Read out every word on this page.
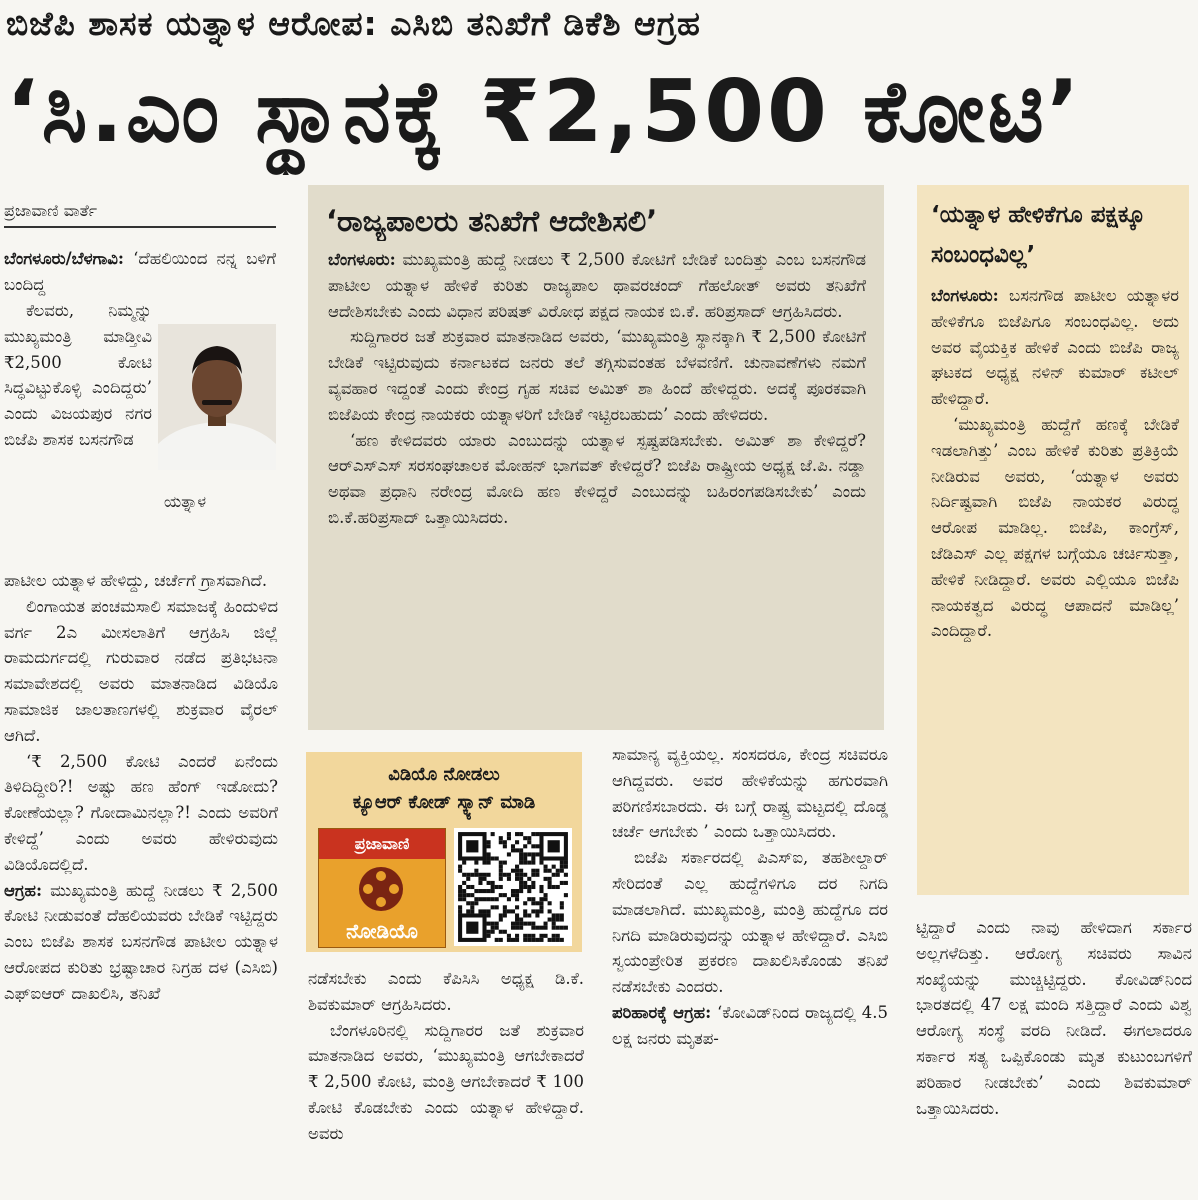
ಬಿಜೆಪಿ ಶಾಸಕ ಯತ್ನಾಳ ಆರೋಪ: ಎಸಿಬಿ ತನಿಖೆಗೆ ಡಿಕೆಶಿ ಆಗ್ರಹ
‘ಸಿ.ಎಂ ಸ್ಥಾನಕ್ಕೆ ₹2,500 ಕೋಟಿ’
ಪ್ರಜಾವಾಣಿ ವಾರ್ತೆ

ಬೆಂಗಳೂರು/ಬೆಳಗಾವಿ: ‘ದೆಹಲಿಯಿಂದ ನನ್ನ ಬಳಿಗೆ ಬಂದಿದ್ದ

ಕೆಲವರು, ನಿಮ್ಮನ್ನು ಮುಖ್ಯಮಂತ್ರಿ ಮಾಡ್ತೀವಿ ₹2,500 ಕೋಟಿ ಸಿದ್ಧವಿಟ್ಟುಕೊಳ್ಳಿ ಎಂದಿದ್ದರು’ ಎಂದು ವಿಜಯಪುರ ನಗರ ಬಿಜೆಪಿ ಶಾಸಕ ಬಸನಗೌಡ

ಯತ್ನಾಳ

ಪಾಟೀಲ ಯತ್ನಾಳ ಹೇಳಿದ್ದು, ಚರ್ಚೆಗೆ ಗ್ರಾಸವಾಗಿದೆ.

ಲಿಂಗಾಯತ ಪಂಚಮಸಾಲಿ ಸಮಾಜಕ್ಕೆ ಹಿಂದುಳಿದ ವರ್ಗ 2ಎ ಮೀಸಲಾತಿಗೆ ಆಗ್ರಹಿಸಿ ಜಿಲ್ಲೆ ರಾಮದುರ್ಗದಲ್ಲಿ ಗುರುವಾರ ನಡೆದ ಪ್ರತಿಭಟನಾ ಸಮಾವೇಶದಲ್ಲಿ ಅವರು ಮಾತನಾಡಿದ ವಿಡಿಯೊ ಸಾಮಾಜಿಕ ಜಾಲತಾಣಗಳಲ್ಲಿ ಶುಕ್ರವಾರ ವೈರಲ್ ಆಗಿದೆ.

‘₹ 2,500 ಕೋಟಿ ಎಂದರೆ ಏನೆಂದು ತಿಳಿದಿದ್ದೀರಿ?! ಅಷ್ಟು ಹಣ ಹೆಂಗ್ ಇಡೋದು? ಕೋಣೆಯಲ್ಲಾ? ಗೋದಾಮಿನಲ್ಲಾ?! ಎಂದು ಅವರಿಗೆ ಕೇಳಿದ್ದೆ’ ಎಂದು ಅವರು ಹೇಳಿರುವುದು ವಿಡಿಯೊದಲ್ಲಿದೆ.

ಆಗ್ರಹ: ಮುಖ್ಯಮಂತ್ರಿ ಹುದ್ದೆ ನೀಡಲು ₹ 2,500 ಕೋಟಿ ನೀಡುವಂತೆ ದೆಹಲಿಯವರು ಬೇಡಿಕೆ ಇಟ್ಟಿದ್ದರು ಎಂಬ ಬಿಜೆಪಿ ಶಾಸಕ ಬಸನಗೌಡ ಪಾಟೀಲ ಯತ್ನಾಳ ಆರೋಪದ ಕುರಿತು ಭ್ರಷ್ಟಾಚಾರ ನಿಗ್ರಹ ದಳ (ಎಸಿಬಿ) ಎಫ್ಐಆರ್ ದಾಖಲಿಸಿ, ತನಿಖೆ

‘ರಾಜ್ಯಪಾಲರು ತನಿಖೆಗೆ ಆದೇಶಿಸಲಿ’

ಬೆಂಗಳೂರು: ಮುಖ್ಯಮಂತ್ರಿ ಹುದ್ದೆ ನೀಡಲು ₹ 2,500 ಕೋಟಿಗೆ ಬೇಡಿಕೆ ಬಂದಿತ್ತು ಎಂಬ ಬಸನಗೌಡ ಪಾಟೀಲ ಯತ್ನಾಳ ಹೇಳಿಕೆ ಕುರಿತು ರಾಜ್ಯಪಾಲ ಥಾವರಚಂದ್ ಗೆಹಲೋತ್ ಅವರು ತನಿಖೆಗೆ ಆದೇಶಿಸಬೇಕು ಎಂದು ವಿಧಾನ ಪರಿಷತ್ ವಿರೋಧ ಪಕ್ಷದ ನಾಯಕ ಬಿ.ಕೆ. ಹರಿಪ್ರಸಾದ್ ಆಗ್ರಹಿಸಿದರು.

ಸುದ್ದಿಗಾರರ ಜತೆ ಶುಕ್ರವಾರ ಮಾತನಾಡಿದ ಅವರು, ‘ಮುಖ್ಯಮಂತ್ರಿ ಸ್ಥಾನಕ್ಕಾಗಿ ₹ 2,500 ಕೋಟಿಗೆ ಬೇಡಿಕೆ ಇಟ್ಟಿರುವುದು ಕರ್ನಾಟಕದ ಜನರು ತಲೆ ತಗ್ಗಿಸುವಂತಹ ಬೆಳವಣಿಗೆ. ಚುನಾವಣೆಗಳು ನಮಗೆ ವ್ಯವಹಾರ ಇದ್ದಂತೆ ಎಂದು ಕೇಂದ್ರ ಗೃಹ ಸಚಿವ ಅಮಿತ್ ಶಾ ಹಿಂದೆ ಹೇಳಿದ್ದರು. ಅದಕ್ಕೆ ಪೂರಕವಾಗಿ ಬಿಜೆಪಿಯ ಕೇಂದ್ರ ನಾಯಕರು ಯತ್ನಾಳರಿಗೆ ಬೇಡಿಕೆ ಇಟ್ಟಿರಬಹುದು’ ಎಂದು ಹೇಳಿದರು.

‘ಹಣ ಕೇಳಿದವರು ಯಾರು ಎಂಬುದನ್ನು ಯತ್ನಾಳ ಸ್ಪಷ್ಟಪಡಿಸಬೇಕು. ಅಮಿತ್ ಶಾ ಕೇಳಿದ್ದರೆ? ಆರ್‌ಎಸ್‌ಎಸ್ ಸರಸಂಘಚಾಲಕ ಮೋಹನ್ ಭಾಗವತ್ ಕೇಳಿದ್ದರೆ? ಬಿಜೆಪಿ ರಾಷ್ಟ್ರೀಯ ಅಧ್ಯಕ್ಷ ಜೆ.ಪಿ. ನಡ್ಡಾ ಅಥವಾ ಪ್ರಧಾನಿ ನರೇಂದ್ರ ಮೋದಿ ಹಣ ಕೇಳಿದ್ದರೆ ಎಂಬುದನ್ನು ಬಹಿರಂಗಪಡಿಸಬೇಕು’ ಎಂದು ಬಿ.ಕೆ.ಹರಿಪ್ರಸಾದ್ ಒತ್ತಾಯಿಸಿದರು.

‘ಯತ್ನಾಳ ಹೇಳಿಕೆಗೂ ಪಕ್ಷಕ್ಕೂ ಸಂಬಂಧವಿಲ್ಲ’

ಬೆಂಗಳೂರು: ಬಸನಗೌಡ ಪಾಟೀಲ ಯತ್ನಾಳರ ಹೇಳಿಕೆಗೂ ಬಿಜೆಪಿಗೂ ಸಂಬಂಧವಿಲ್ಲ. ಅದು ಅವರ ವೈಯಕ್ತಿಕ ಹೇಳಿಕೆ ಎಂದು ಬಿಜೆಪಿ ರಾಜ್ಯ ಘಟಕದ ಅಧ್ಯಕ್ಷ ನಳಿನ್ ಕುಮಾರ್ ಕಟೀಲ್ ಹೇಳಿದ್ದಾರೆ.

‘ಮುಖ್ಯಮಂತ್ರಿ ಹುದ್ದೆಗೆ ಹಣಕ್ಕೆ ಬೇಡಿಕೆ ಇಡಲಾಗಿತ್ತು’ ಎಂಬ ಹೇಳಿಕೆ ಕುರಿತು ಪ್ರತಿಕ್ರಿಯೆ ನೀಡಿರುವ ಅವರು, ‘ಯತ್ನಾಳ ಅವರು ನಿರ್ದಿಷ್ಟವಾಗಿ ಬಿಜೆಪಿ ನಾಯಕರ ವಿರುದ್ಧ ಆರೋಪ ಮಾಡಿಲ್ಲ. ಬಿಜೆಪಿ, ಕಾಂಗ್ರೆಸ್, ಜೆಡಿಎಸ್ ಎಲ್ಲ ಪಕ್ಷಗಳ ಬಗ್ಗೆಯೂ ಚರ್ಚಿಸುತ್ತಾ, ಹೇಳಿಕೆ ನೀಡಿದ್ದಾರೆ. ಅವರು ಎಲ್ಲಿಯೂ ಬಿಜೆಪಿ ನಾಯಕತ್ವದ ವಿರುದ್ಧ ಆಪಾದನೆ ಮಾಡಿಲ್ಲ’ ಎಂದಿದ್ದಾರೆ.

ವಿಡಿಯೊ ನೋಡಲು
ಕ್ಯೂಆರ್ ಕೋಡ್ ಸ್ಕ್ಯಾನ್ ಮಾಡಿ
ಪ್ರಜಾವಾಣಿ
ನೋಡಿಯೊ

ನಡೆಸಬೇಕು ಎಂದು ಕೆಪಿಸಿಸಿ ಅಧ್ಯಕ್ಷ ಡಿ.ಕೆ. ಶಿವಕುಮಾರ್ ಆಗ್ರಹಿಸಿದರು.

ಬೆಂಗಳೂರಿನಲ್ಲಿ ಸುದ್ದಿಗಾರರ ಜತೆ ಶುಕ್ರವಾರ ಮಾತನಾಡಿದ ಅವರು, ‘ಮುಖ್ಯಮಂತ್ರಿ ಆಗಬೇಕಾದರೆ ₹ 2,500 ಕೋಟಿ, ಮಂತ್ರಿ ಆಗಬೇಕಾದರೆ ₹ 100 ಕೋಟಿ ಕೊಡಬೇಕು ಎಂದು ಯತ್ನಾಳ ಹೇಳಿದ್ದಾರೆ. ಅವರು

ಸಾಮಾನ್ಯ ವ್ಯಕ್ತಿಯಲ್ಲ. ಸಂಸದರೂ, ಕೇಂದ್ರ ಸಚಿವರೂ ಆಗಿದ್ದವರು. ಅವರ ಹೇಳಿಕೆಯನ್ನು ಹಗುರವಾಗಿ ಪರಿಗಣಿಸಬಾರದು. ಈ ಬಗ್ಗೆ ರಾಷ್ಟ್ರ ಮಟ್ಟದಲ್ಲಿ ದೊಡ್ಡ ಚರ್ಚೆ ಆಗಬೇಕು ’ ಎಂದು ಒತ್ತಾಯಿಸಿದರು.

ಬಿಜೆಪಿ ಸರ್ಕಾರದಲ್ಲಿ ಪಿಎಸ್ಐ, ತಹಶೀಲ್ದಾರ್ ಸೇರಿದಂತೆ ಎಲ್ಲ ಹುದ್ದೆಗಳಿಗೂ ದರ ನಿಗದಿ ಮಾಡಲಾಗಿದೆ. ಮುಖ್ಯಮಂತ್ರಿ, ಮಂತ್ರಿ ಹುದ್ದೆಗೂ ದರ ನಿಗದಿ ಮಾಡಿರುವುದನ್ನು ಯತ್ನಾಳ ಹೇಳಿದ್ದಾರೆ. ಎಸಿಬಿ ಸ್ವಯಂಪ್ರೇರಿತ ಪ್ರಕರಣ ದಾಖಲಿಸಿಕೊಂಡು ತನಿಖೆ ನಡೆಸಬೇಕು ಎಂದರು.

ಪರಿಹಾರಕ್ಕೆ ಆಗ್ರಹ: ‘ಕೋವಿಡ್‌ನಿಂದ ರಾಜ್ಯದಲ್ಲಿ 4.5 ಲಕ್ಷ ಜನರು ಮೃತಪ-

ಟ್ಟಿದ್ದಾರೆ ಎಂದು ನಾವು ಹೇಳಿದಾಗ ಸರ್ಕಾರ ಅಲ್ಲಗಳೆದಿತ್ತು. ಆರೋಗ್ಯ ಸಚಿವರು ಸಾವಿನ ಸಂಖ್ಯೆಯನ್ನು ಮುಚ್ಚಿಟ್ಟಿದ್ದರು. ಕೋವಿಡ್‌ನಿಂದ ಭಾರತದಲ್ಲಿ 47 ಲಕ್ಷ ಮಂದಿ ಸತ್ತಿದ್ದಾರೆ ಎಂದು ವಿಶ್ವ ಆರೋಗ್ಯ ಸಂಸ್ಥೆ ವರದಿ ನೀಡಿದೆ. ಈಗಲಾದರೂ ಸರ್ಕಾರ ಸತ್ಯ ಒಪ್ಪಿಕೊಂಡು ಮೃತ ಕುಟುಂಬಗಳಿಗೆ ಪರಿಹಾರ ನೀಡಬೇಕು’ ಎಂದು ಶಿವಕುಮಾರ್ ಒತ್ತಾಯಿಸಿದರು.
